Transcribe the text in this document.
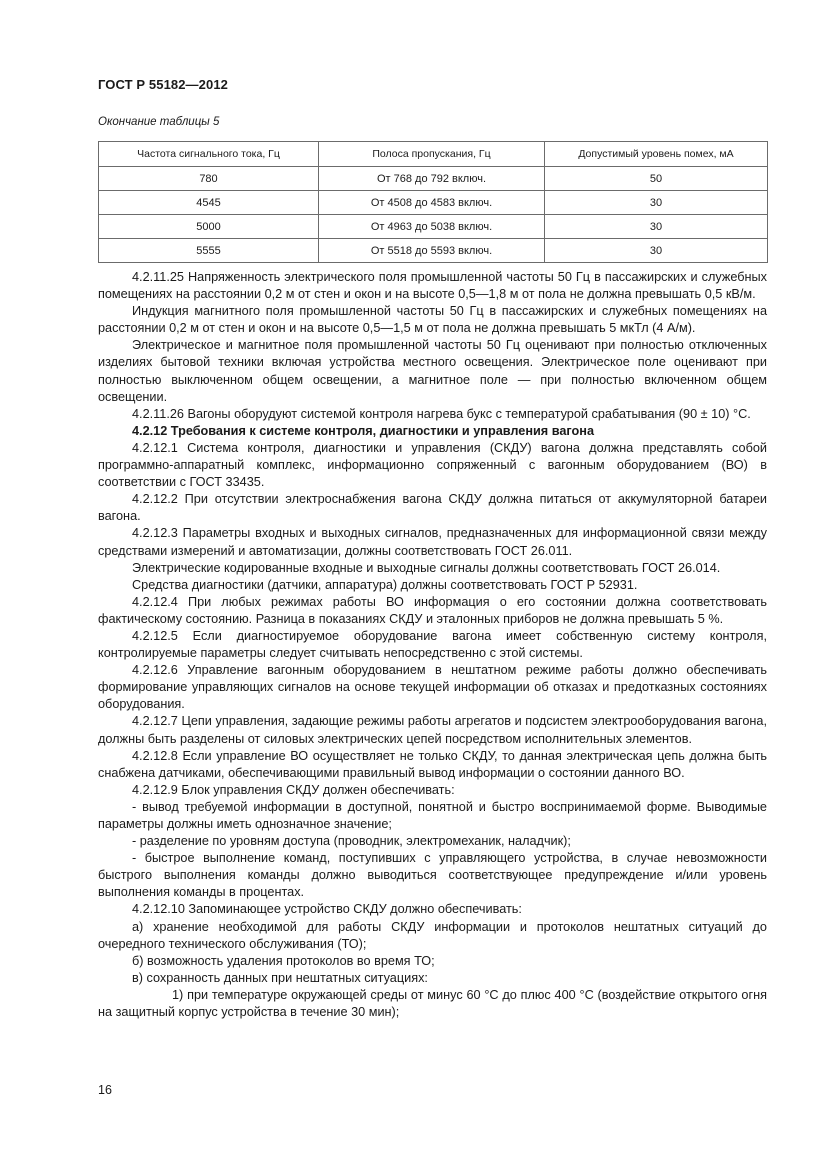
ГОСТ Р 55182—2012
Окончание таблицы 5
Частота сигнального тока, Гц	Полоса пропускания, Гц	Допустимый уровень помех, мА
780	От 768 до 792 включ.	50
4545	От 4508 до 4583 включ.	30
5000	От 4963 до 5038 включ.	30
5555	От 5518 до 5593 включ.	30

4.2.11.25 Напряженность электрического поля промышленной частоты 50 Гц в пассажирских и служебных помещениях на расстоянии 0,2 м от стен и окон и на высоте 0,5—1,8 м от пола не должна превышать 0,5 кВ/м.

Индукция магнитного поля промышленной частоты 50 Гц в пассажирских и служебных помещениях на расстоянии 0,2 м от стен и окон и на высоте 0,5—1,5 м от пола не должна превышать 5 мкТл (4 А/м).

Электрическое и магнитное поля промышленной частоты 50 Гц оценивают при полностью отключенных изделиях бытовой техники включая устройства местного освещения. Электрическое поле оценивают при полностью выключенном общем освещении, а магнитное поле — при полностью включенном общем освещении.

4.2.11.26 Вагоны оборудуют системой контроля нагрева букс с температурой срабатывания (90 ± 10) °С.

4.2.12 Требования к системе контроля, диагностики и управления вагона

4.2.12.1 Система контроля, диагностики и управления (СКДУ) вагона должна представлять собой программно-аппаратный комплекс, информационно сопряженный с вагонным оборудованием (ВО) в соответствии с ГОСТ 33435.

4.2.12.2 При отсутствии электроснабжения вагона СКДУ должна питаться от аккумуляторной батареи вагона.

4.2.12.3 Параметры входных и выходных сигналов, предназначенных для информационной связи между средствами измерений и автоматизации, должны соответствовать ГОСТ 26.011.

Электрические кодированные входные и выходные сигналы должны соответствовать ГОСТ 26.014.

Средства диагностики (датчики, аппаратура) должны соответствовать ГОСТ Р 52931.

4.2.12.4 При любых режимах работы ВО информация о его состоянии должна соответствовать фактическому состоянию. Разница в показаниях СКДУ и эталонных приборов не должна превышать 5 %.

4.2.12.5 Если диагностируемое оборудование вагона имеет собственную систему контроля, контролируемые параметры следует считывать непосредственно с этой системы.

4.2.12.6 Управление вагонным оборудованием в нештатном режиме работы должно обеспечивать формирование управляющих сигналов на основе текущей информации об отказах и предотказных состояниях оборудования.

4.2.12.7 Цепи управления, задающие режимы работы агрегатов и подсистем электрооборудования вагона, должны быть разделены от силовых электрических цепей посредством исполнительных элементов.

4.2.12.8 Если управление ВО осуществляет не только СКДУ, то данная электрическая цепь должна быть снабжена датчиками, обеспечивающими правильный вывод информации о состоянии данного ВО.

4.2.12.9 Блок управления СКДУ должен обеспечивать:

- вывод требуемой информации в доступной, понятной и быстро воспринимаемой форме. Выводимые параметры должны иметь однозначное значение;

- разделение по уровням доступа (проводник, электромеханик, наладчик);

- быстрое выполнение команд, поступивших с управляющего устройства, в случае невозможности быстрого выполнения команды должно выводиться соответствующее предупреждение и/или уровень выполнения команды в процентах.

4.2.12.10 Запоминающее устройство СКДУ должно обеспечивать:

а) хранение необходимой для работы СКДУ информации и протоколов нештатных ситуаций до очередного технического обслуживания (ТО);

б) возможность удаления протоколов во время ТО;

в) сохранность данных при нештатных ситуациях:

1) при температуре окружающей среды от минус 60 °С до плюс 400 °С (воздействие открытого огня на защитный корпус устройства в течение 30 мин);

16
